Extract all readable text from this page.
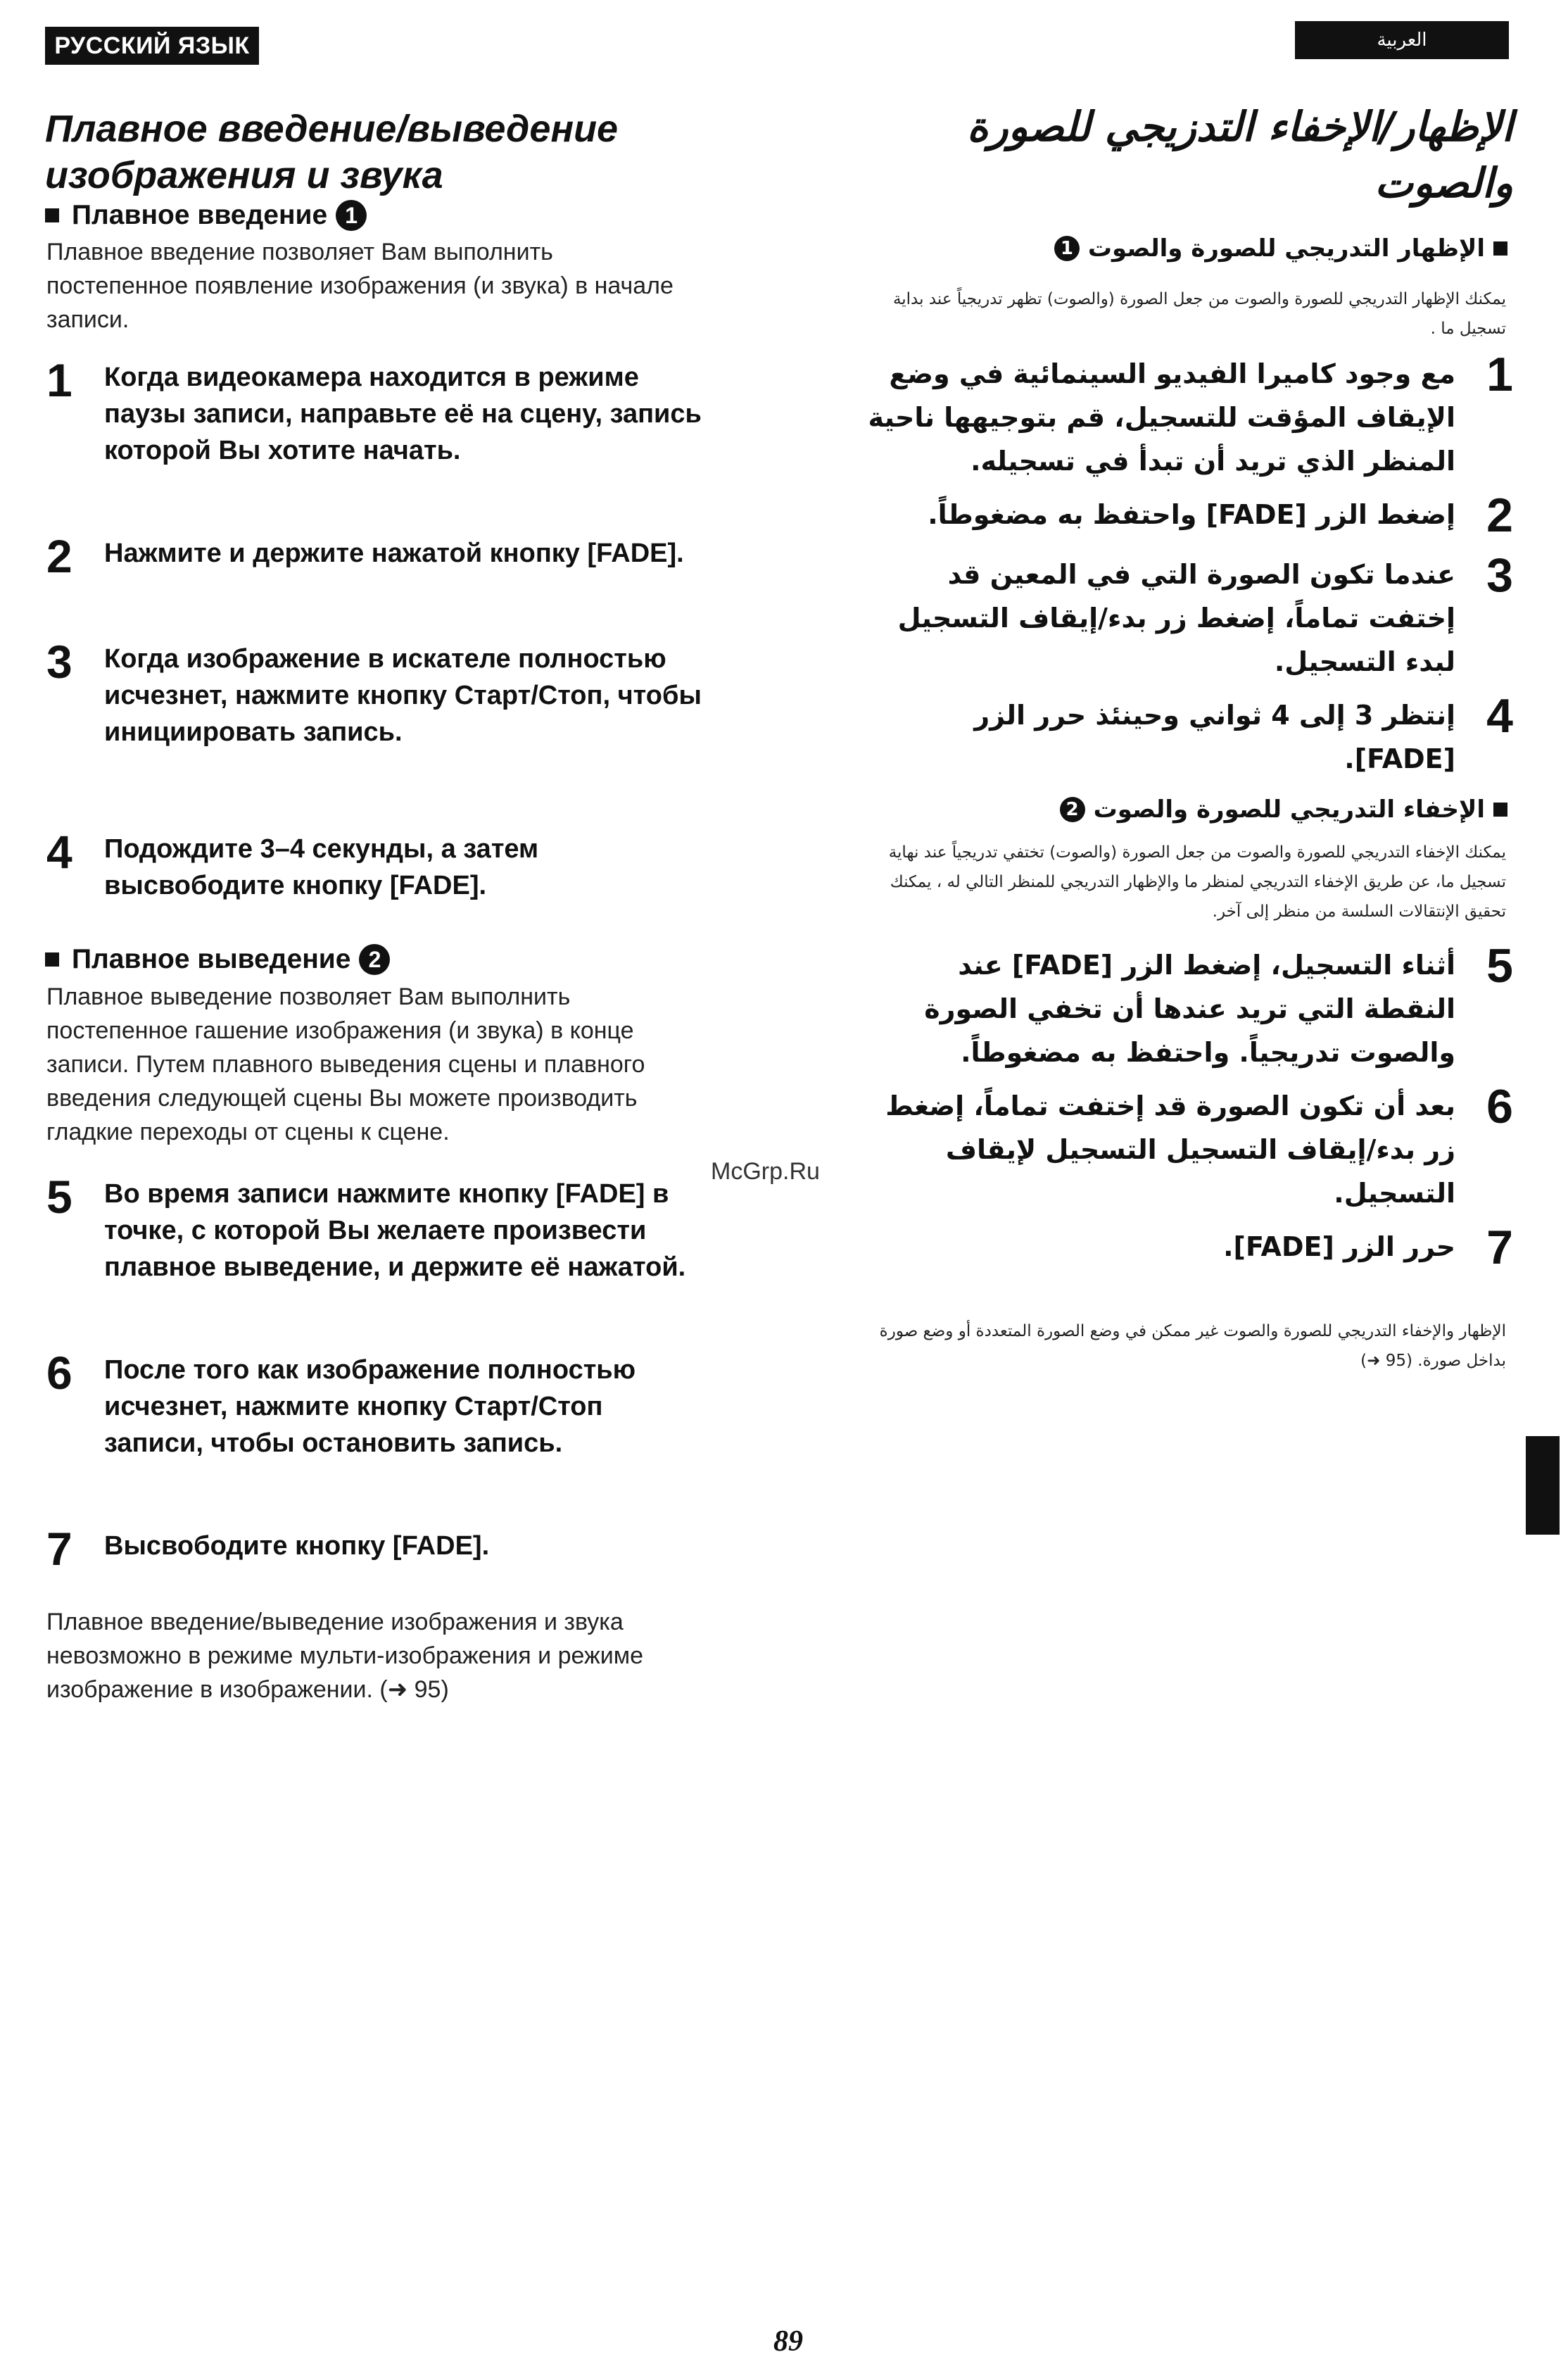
РУССКИЙ ЯЗЫК	العربية
Плавное введение/выведение изображения и звука
Плавное введение 1
Плавное введение позволяет Вам выполнить постепенное появление изображения (и звука) в начале записи.
1	Когда видеокамера находится в режиме паузы записи, направьте её на сцену, запись которой Вы хотите начать.
2	Нажмите и держите нажатой кнопку [FADE].
3	Когда изображение в искателе полностью исчезнет, нажмите кнопку Старт/Стоп, чтобы инициировать запись.
4	Подождите 3–4 секунды, а затем высвободите кнопку [FADE].
Плавное выведение 2
Плавное выведение позволяет Вам выполнить постепенное гашение изображения (и звука) в конце записи. Путем плавного выведения сцены и плавного введения следующей сцены Вы можете производить гладкие переходы от сцены к сцене.
5	Во время записи нажмите кнопку [FADE] в точке, с которой Вы желаете произвести плавное выведение, и держите её нажатой.
6	После того как изображение полностью исчезнет, нажмите кнопку Старт/Стоп записи, чтобы остановить запись.
7	Высвободите кнопку [FADE].
Плавное введение/выведение изображения и звука невозможно в режиме мульти-изображения и режиме изображение в изображении. (➜ 95)
McGrp.Ru
الإظهار/الإخفاء التدزيجي للصورة والصوت
الإظهار التدريجي للصورة والصوت
1
يمكنك الإظهار التدريجي للصورة والصوت من جعل الصورة (والصوت) تظهر تدريجياً عند بداية تسجيل ما .
1
مع وجود كاميرا الفيديو السينمائية في وضع الإيقاف المؤقت للتسجيل، قم بتوجيهها ناحية المنظر الذي تريد أن تبدأ في تسجيله.
2
إضغط الزر [FADE] واحتفظ به مضغوطاً.
3
عندما تكون الصورة التي في المعين قد إختفت تماماً، إضغط زر بدء/إيقاف التسجيل لبدء التسجيل.
4
إنتظر 3 إلى 4 ثواني وحينئذ حرر الزر [FADE].
الإخفاء التدريجي للصورة والصوت
2
يمكنك الإخفاء التدريجي للصورة والصوت من جعل الصورة (والصوت) تختفي تدريجياً عند نهاية تسجيل ما، عن طريق الإخفاء التدريجي لمنظر ما والإظهار التدريجي للمنظر التالي له ، يمكنك تحقيق الإنتقالات السلسة من منظر إلى آخر.
5
أثناء التسجيل، إضغط الزر [FADE] عند النقطة التي تريد عندها أن تخفي الصورة والصوت تدريجياً. واحتفظ به مضغوطاً.
6
بعد أن تكون الصورة قد إختفت تماماً، إضغط زر بدء/إيقاف التسجيل التسجيل لإيقاف التسجيل.
7
حرر الزر [FADE].
الإظهار والإخفاء التدريجي للصورة والصوت غير ممكن في وضع الصورة المتعددة أو وضع صورة بداخل صورة. (95 ➜)
89
